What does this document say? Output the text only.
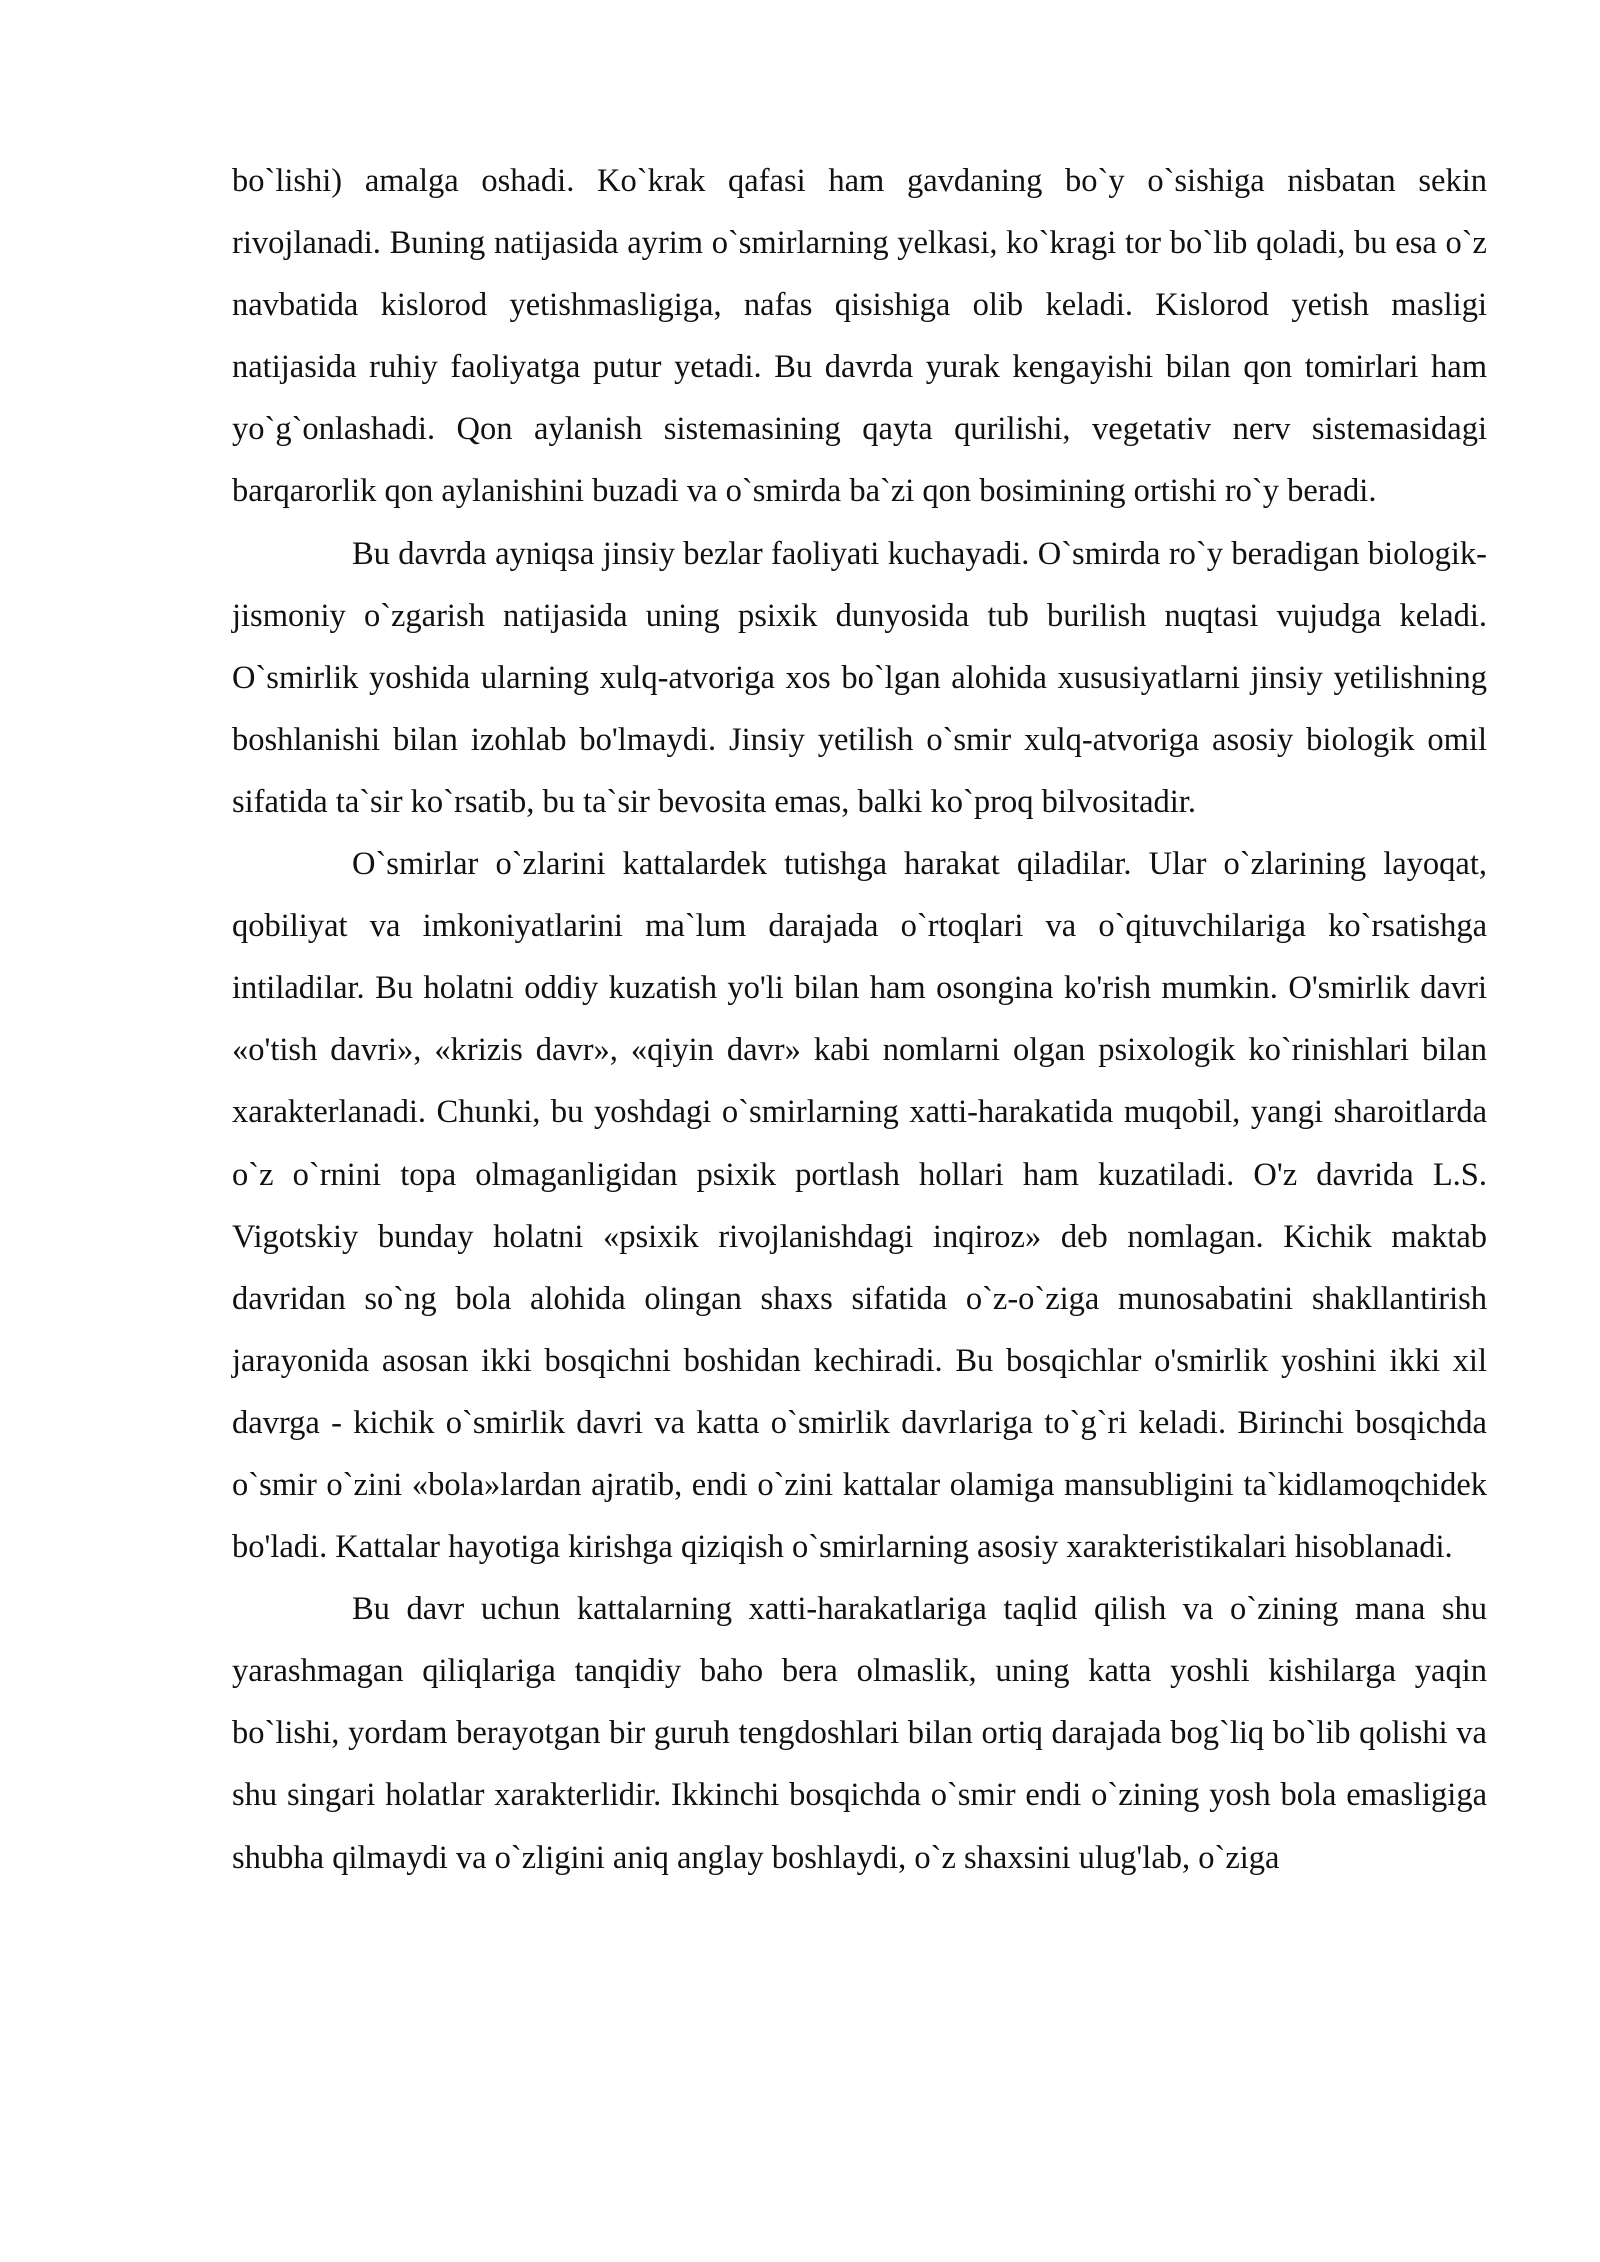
bo`lishi) amalga oshadi. Ko`krak qafasi ham gavdaning bo`y o`sishiga nisbatan sekin rivojlanadi. Buning natijasida ayrim o`smirlarning yelkasi, ko`kragi tor bo`lib qoladi, bu esa o`z navbatida kislorod yetishmasligiga, nafas qisishiga olib keladi. Kislorod yetish masligi natijasida ruhiy faoliyatga putur yetadi. Bu davrda yurak kengayishi bilan qon tomirlari ham yo`g`onlashadi. Qon aylanish sistemasining qayta qurilishi, vegetativ nerv sistemasidagi barqarorlik qon aylanishini buzadi va o`smirda ba`zi qon bosimining ortishi ro`y beradi.

Bu davrda ayniqsa jinsiy bezlar faoliyati kuchayadi. O`smirda ro`y beradigan biologik-jismoniy o`zgarish natijasida uning psixik dunyosida tub burilish nuqtasi vujudga keladi. O`smirlik yoshida ularning xulq-atvoriga xos bo`lgan alohida xususiyatlarni jinsiy yetilishning boshlanishi bilan izohlab bo'lmaydi. Jinsiy yetilish o`smir xulq-atvoriga asosiy biologik omil sifatida ta`sir ko`rsatib, bu ta`sir bevosita emas, balki ko`proq bilvositadir.

O`smirlar o`zlarini kattalardek tutishga harakat qiladilar. Ular o`zlarining layoqat, qobiliyat va imkoniyatlarini ma`lum darajada o`rtoqlari va o`qituvchilariga ko`rsatishga intiladilar. Bu holatni oddiy kuzatish yo'li bilan ham osongina ko'rish mumkin. O'smirlik davri «o'tish davri», «krizis davr», «qiyin davr» kabi nomlarni olgan psixologik ko`rinishlari bilan xarakterlanadi. Chunki, bu yoshdagi o`smirlarning xatti-harakatida muqobil, yangi sharoitlarda o`z o`rnini topa olmaganligidan psixik portlash hollari ham kuzatiladi. O'z davrida L.S. Vigotskiy bunday holatni «psixik rivojlanishdagi inqiroz» deb nomlagan. Kichik maktab davridan so`ng bola alohida olingan shaxs sifatida o`z-o`ziga munosabatini shakllantirish jarayonida asosan ikki bosqichni boshidan kechiradi. Bu bosqichlar o'smirlik yoshini ikki xil davrga - kichik o`smirlik davri va katta o`smirlik davrlariga to`g`ri keladi. Birinchi bosqichda o`smir o`zini «bola»lardan ajratib, endi o`zini kattalar olamiga mansubligini ta`kidlamoqchidek bo'ladi. Kattalar hayotiga kirishga qiziqish o`smirlarning asosiy xarakteristikalari hisoblanadi.

Bu davr uchun kattalarning xatti-harakatlariga taqlid qilish va o`zining mana shu yarashmagan qiliqlariga tanqidiy baho bera olmaslik, uning katta yoshli kishilarga yaqin bo`lishi, yordam berayotgan bir guruh tengdoshlari bilan ortiq darajada bog`liq bo`lib qolishi va shu singari holatlar xarakterlidir. Ikkinchi bosqichda o`smir endi o`zining yosh bola emasligiga shubha qilmaydi va o`zligini aniq anglay boshlaydi, o`z shaxsini ulug'lab, o`ziga
